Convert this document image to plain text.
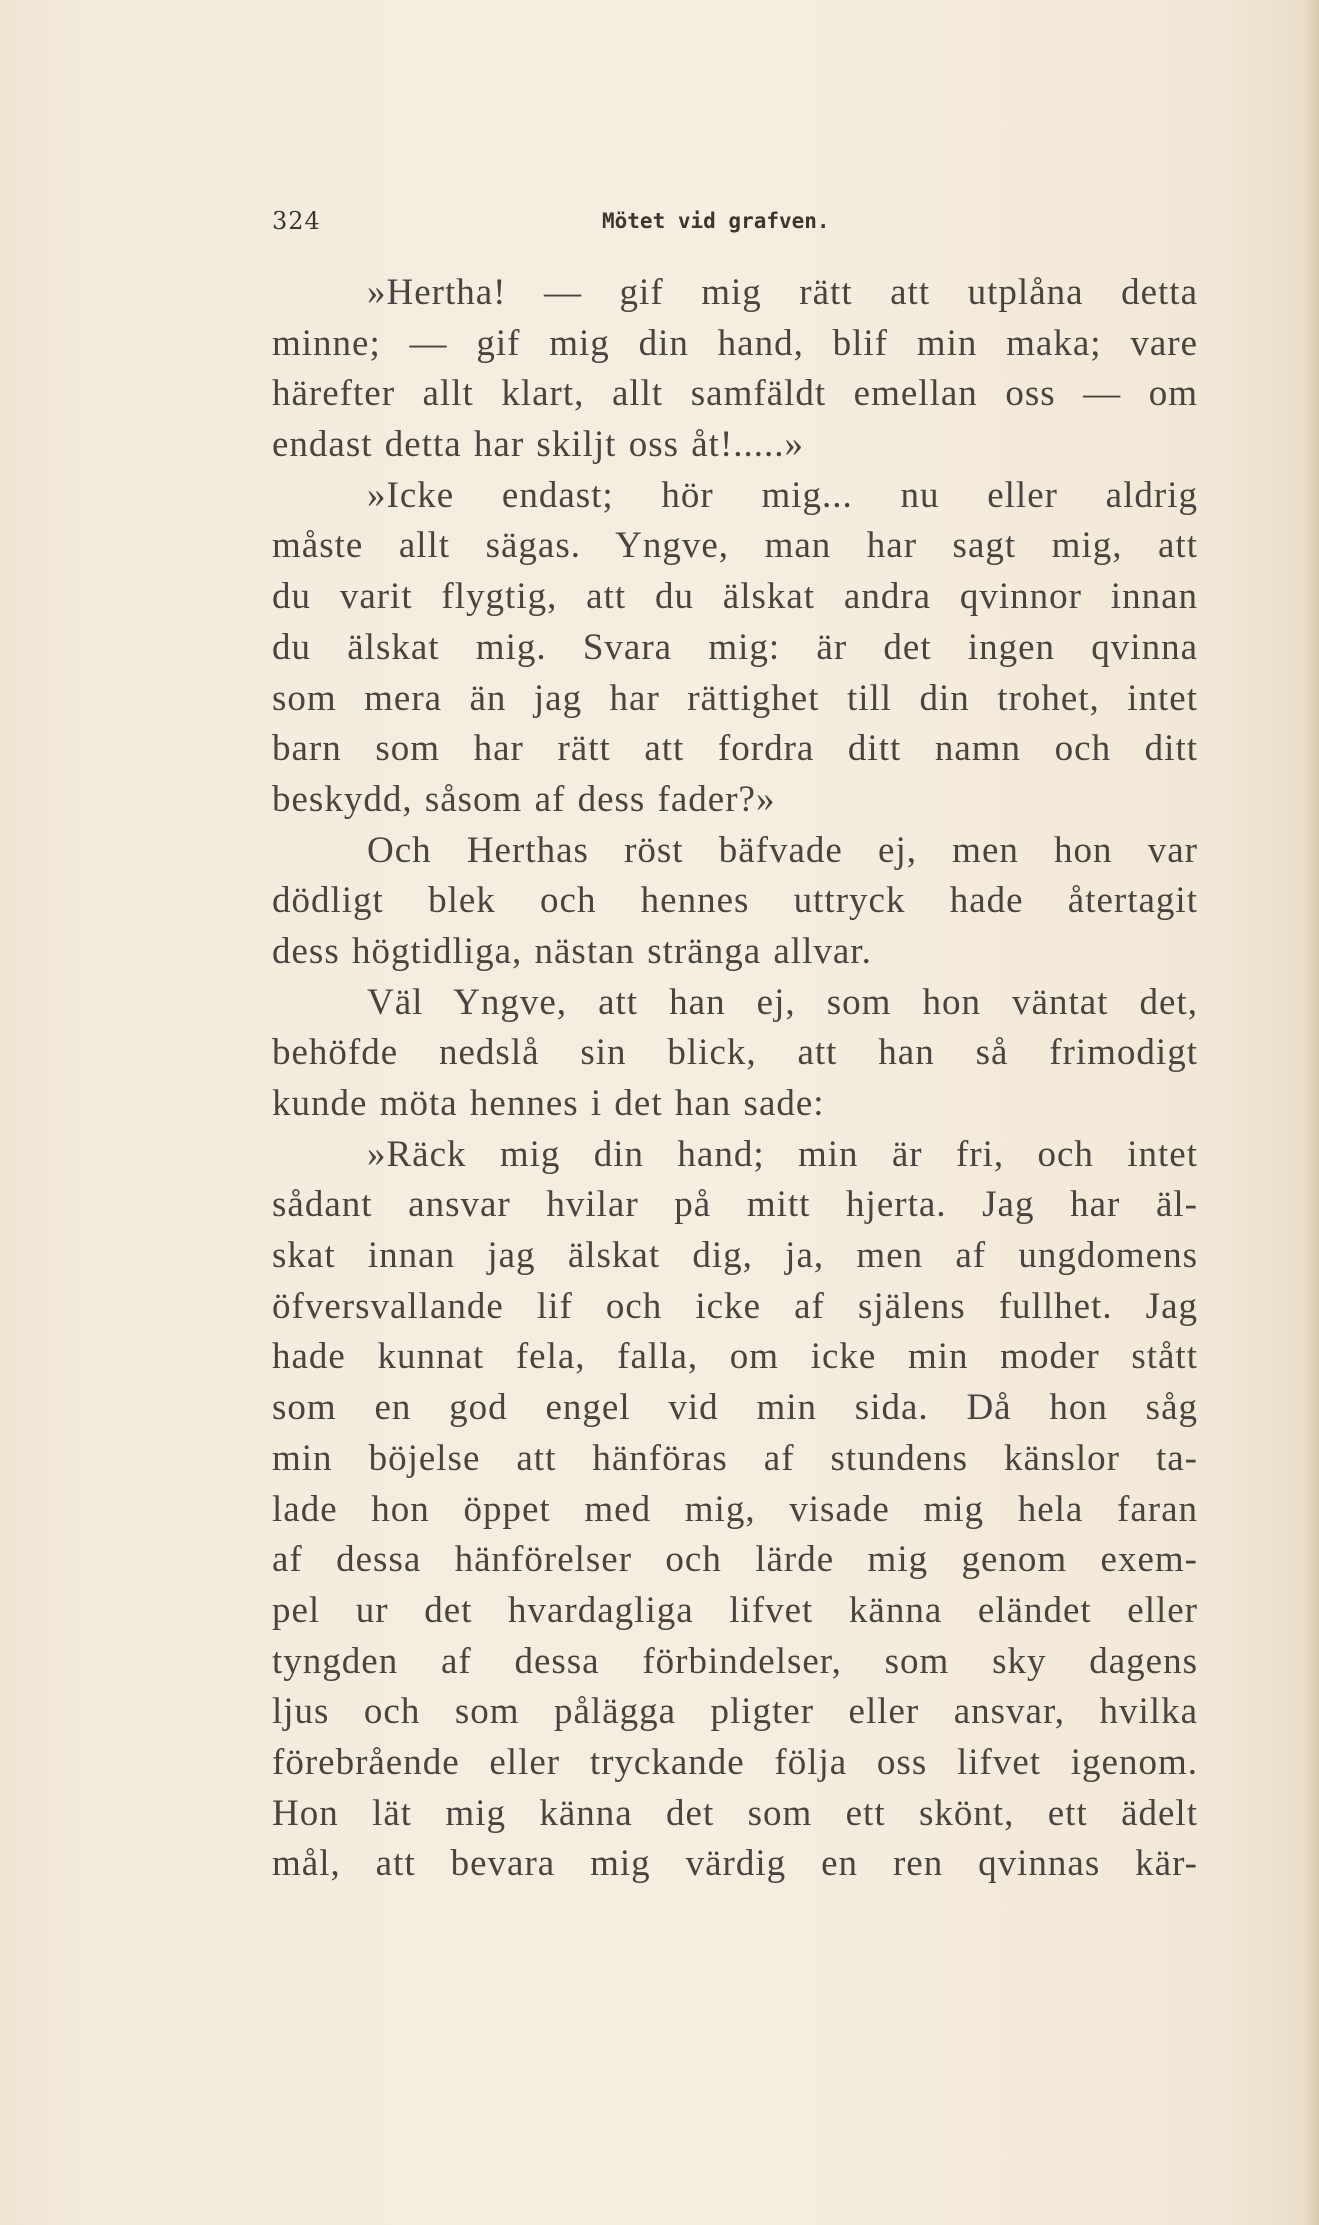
324	Mötet vid grafven.
»Hertha! — gif mig rätt att utplåna detta
minne; — gif mig din hand, blif min maka; vare
härefter allt klart, allt samfäldt emellan oss — om
endast detta har skiljt oss åt!.....»
»Icke endast; hör mig... nu eller aldrig
måste allt sägas. Yngve, man har sagt mig, att
du varit flygtig, att du älskat andra qvinnor innan
du älskat mig. Svara mig: är det ingen qvinna
som mera än jag har rättighet till din trohet, intet
barn som har rätt att fordra ditt namn och ditt
beskydd, såsom af dess fader?»
Och Herthas röst bäfvade ej, men hon var
dödligt blek och hennes uttryck hade återtagit
dess högtidliga, nästan stränga allvar.
Väl Yngve, att han ej, som hon väntat det,
behöfde nedslå sin blick, att han så frimodigt
kunde möta hennes i det han sade:
»Räck mig din hand; min är fri, och intet
sådant ansvar hvilar på mitt hjerta. Jag har äl-
skat innan jag älskat dig, ja, men af ungdomens
öfversvallande lif och icke af själens fullhet. Jag
hade kunnat fela, falla, om icke min moder stått
som en god engel vid min sida. Då hon såg
min böjelse att hänföras af stundens känslor ta-
lade hon öppet med mig, visade mig hela faran
af dessa hänförelser och lärde mig genom exem-
pel ur det hvardagliga lifvet känna eländet eller
tyngden af dessa förbindelser, som sky dagens
ljus och som pålägga pligter eller ansvar, hvilka
förebrående eller tryckande följa oss lifvet igenom.
Hon lät mig känna det som ett skönt, ett ädelt
mål, att bevara mig värdig en ren qvinnas kär-
